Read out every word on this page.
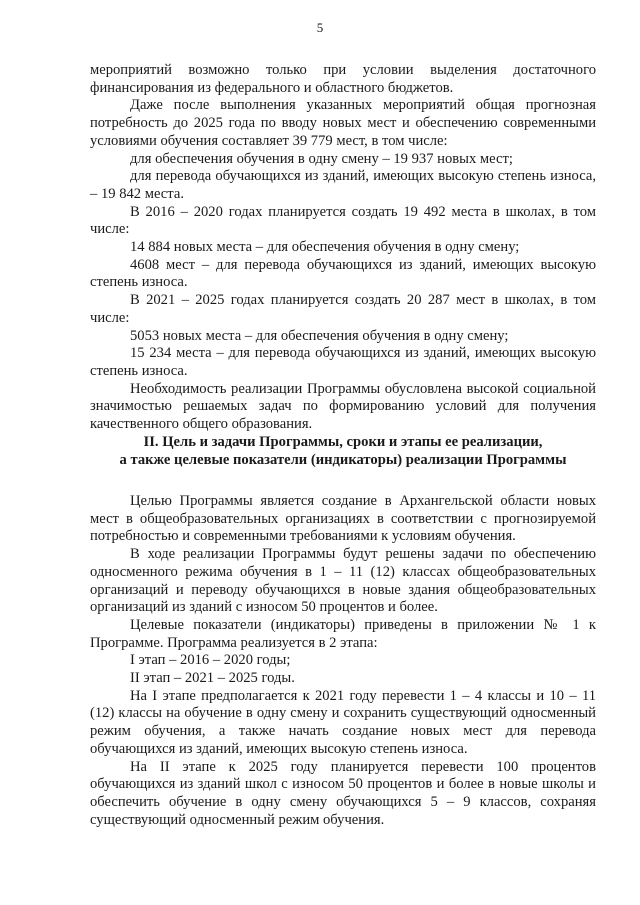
5

мероприятий возможно только при условии выделения достаточного финансирования из федерального и областного бюджетов.

Даже после выполнения указанных мероприятий общая прогнозная потребность до 2025 года по вводу новых мест и обеспечению современными условиями обучения составляет 39 779 мест, в том числе:

для обеспечения обучения в одну смену – 19 937 новых мест;

для перевода обучающихся из зданий, имеющих высокую степень износа, – 19 842 места.

В 2016 – 2020 годах планируется создать 19 492 места в школах, в том числе:

14 884 новых места – для обеспечения обучения в одну смену;

4608 мест – для перевода обучающихся из зданий, имеющих высокую степень износа.

В 2021 – 2025 годах планируется создать 20 287 мест в школах, в том числе:

5053 новых места – для обеспечения обучения в одну смену;

15 234 места – для перевода обучающихся из зданий, имеющих высокую степень износа.

Необходимость реализации Программы обусловлена высокой социальной значимостью решаемых задач по формированию условий для получения качественного общего образования.

II. Цель и задачи Программы, сроки и этапы ее реализации,
а также целевые показатели (индикаторы) реализации Программы

Целью Программы является создание в Архангельской области новых мест в общеобразовательных организациях в соответствии с прогнозируемой потребностью и современными требованиями к условиям обучения.

В ходе реализации Программы будут решены задачи по обеспечению односменного режима обучения в 1 – 11 (12) классах общеобразовательных организаций и переводу обучающихся в новые здания общеобразовательных организаций из зданий с износом 50 процентов и более.

Целевые показатели (индикаторы) приведены в приложении № 1 к Программе. Программа реализуется в 2 этапа:

I этап – 2016 – 2020 годы;

II этап – 2021 – 2025 годы.

На I этапе предполагается к 2021 году перевести 1 – 4 классы и 10 – 11 (12) классы на обучение в одну смену и сохранить существующий односменный режим обучения, а также начать создание новых мест для перевода обучающихся из зданий, имеющих высокую степень износа.

На II этапе к 2025 году планируется перевести 100 процентов обучающихся из зданий школ с износом 50 процентов и более в новые школы и обеспечить обучение в одну смену обучающихся 5 – 9 классов, сохраняя существующий односменный режим обучения.
